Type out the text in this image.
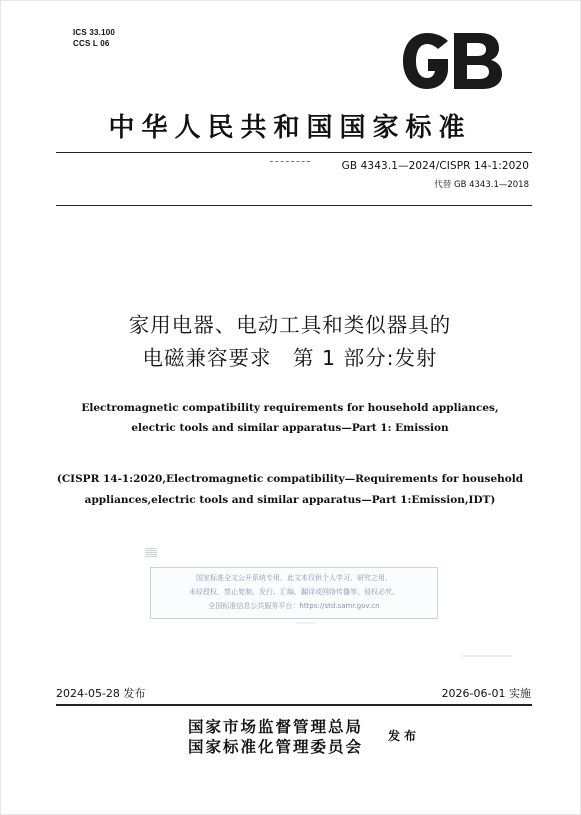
ICS 33.100
CCS L 06
中华人民共和国国家标准
GB 4343.1—2024/CISPR 14-1:2020
代替 GB 4343.1—2018
家用电器、电动工具和类似器具的
电磁兼容要求　第 1 部分:发射
Electromagnetic compatibility requirements for household appliances,
electric tools and similar apparatus—Part 1: Emission
(CISPR 14-1:2020,Electromagnetic compatibility—Requirements for household
appliances,electric tools and similar apparatus—Part 1:Emission,IDT)
国家标准全文公开系统专用，此文本仅供个人学习、研究之用，
未经授权，禁止复制、发行、汇编、翻译或网络传播等。侵权必究。
全国标准信息公共服务平台：https://std.samr.gov.cn
2024-05-28 发布	2026-06-01 实施
国家市场监督管理总局
国家标准化管理委员会
发布
